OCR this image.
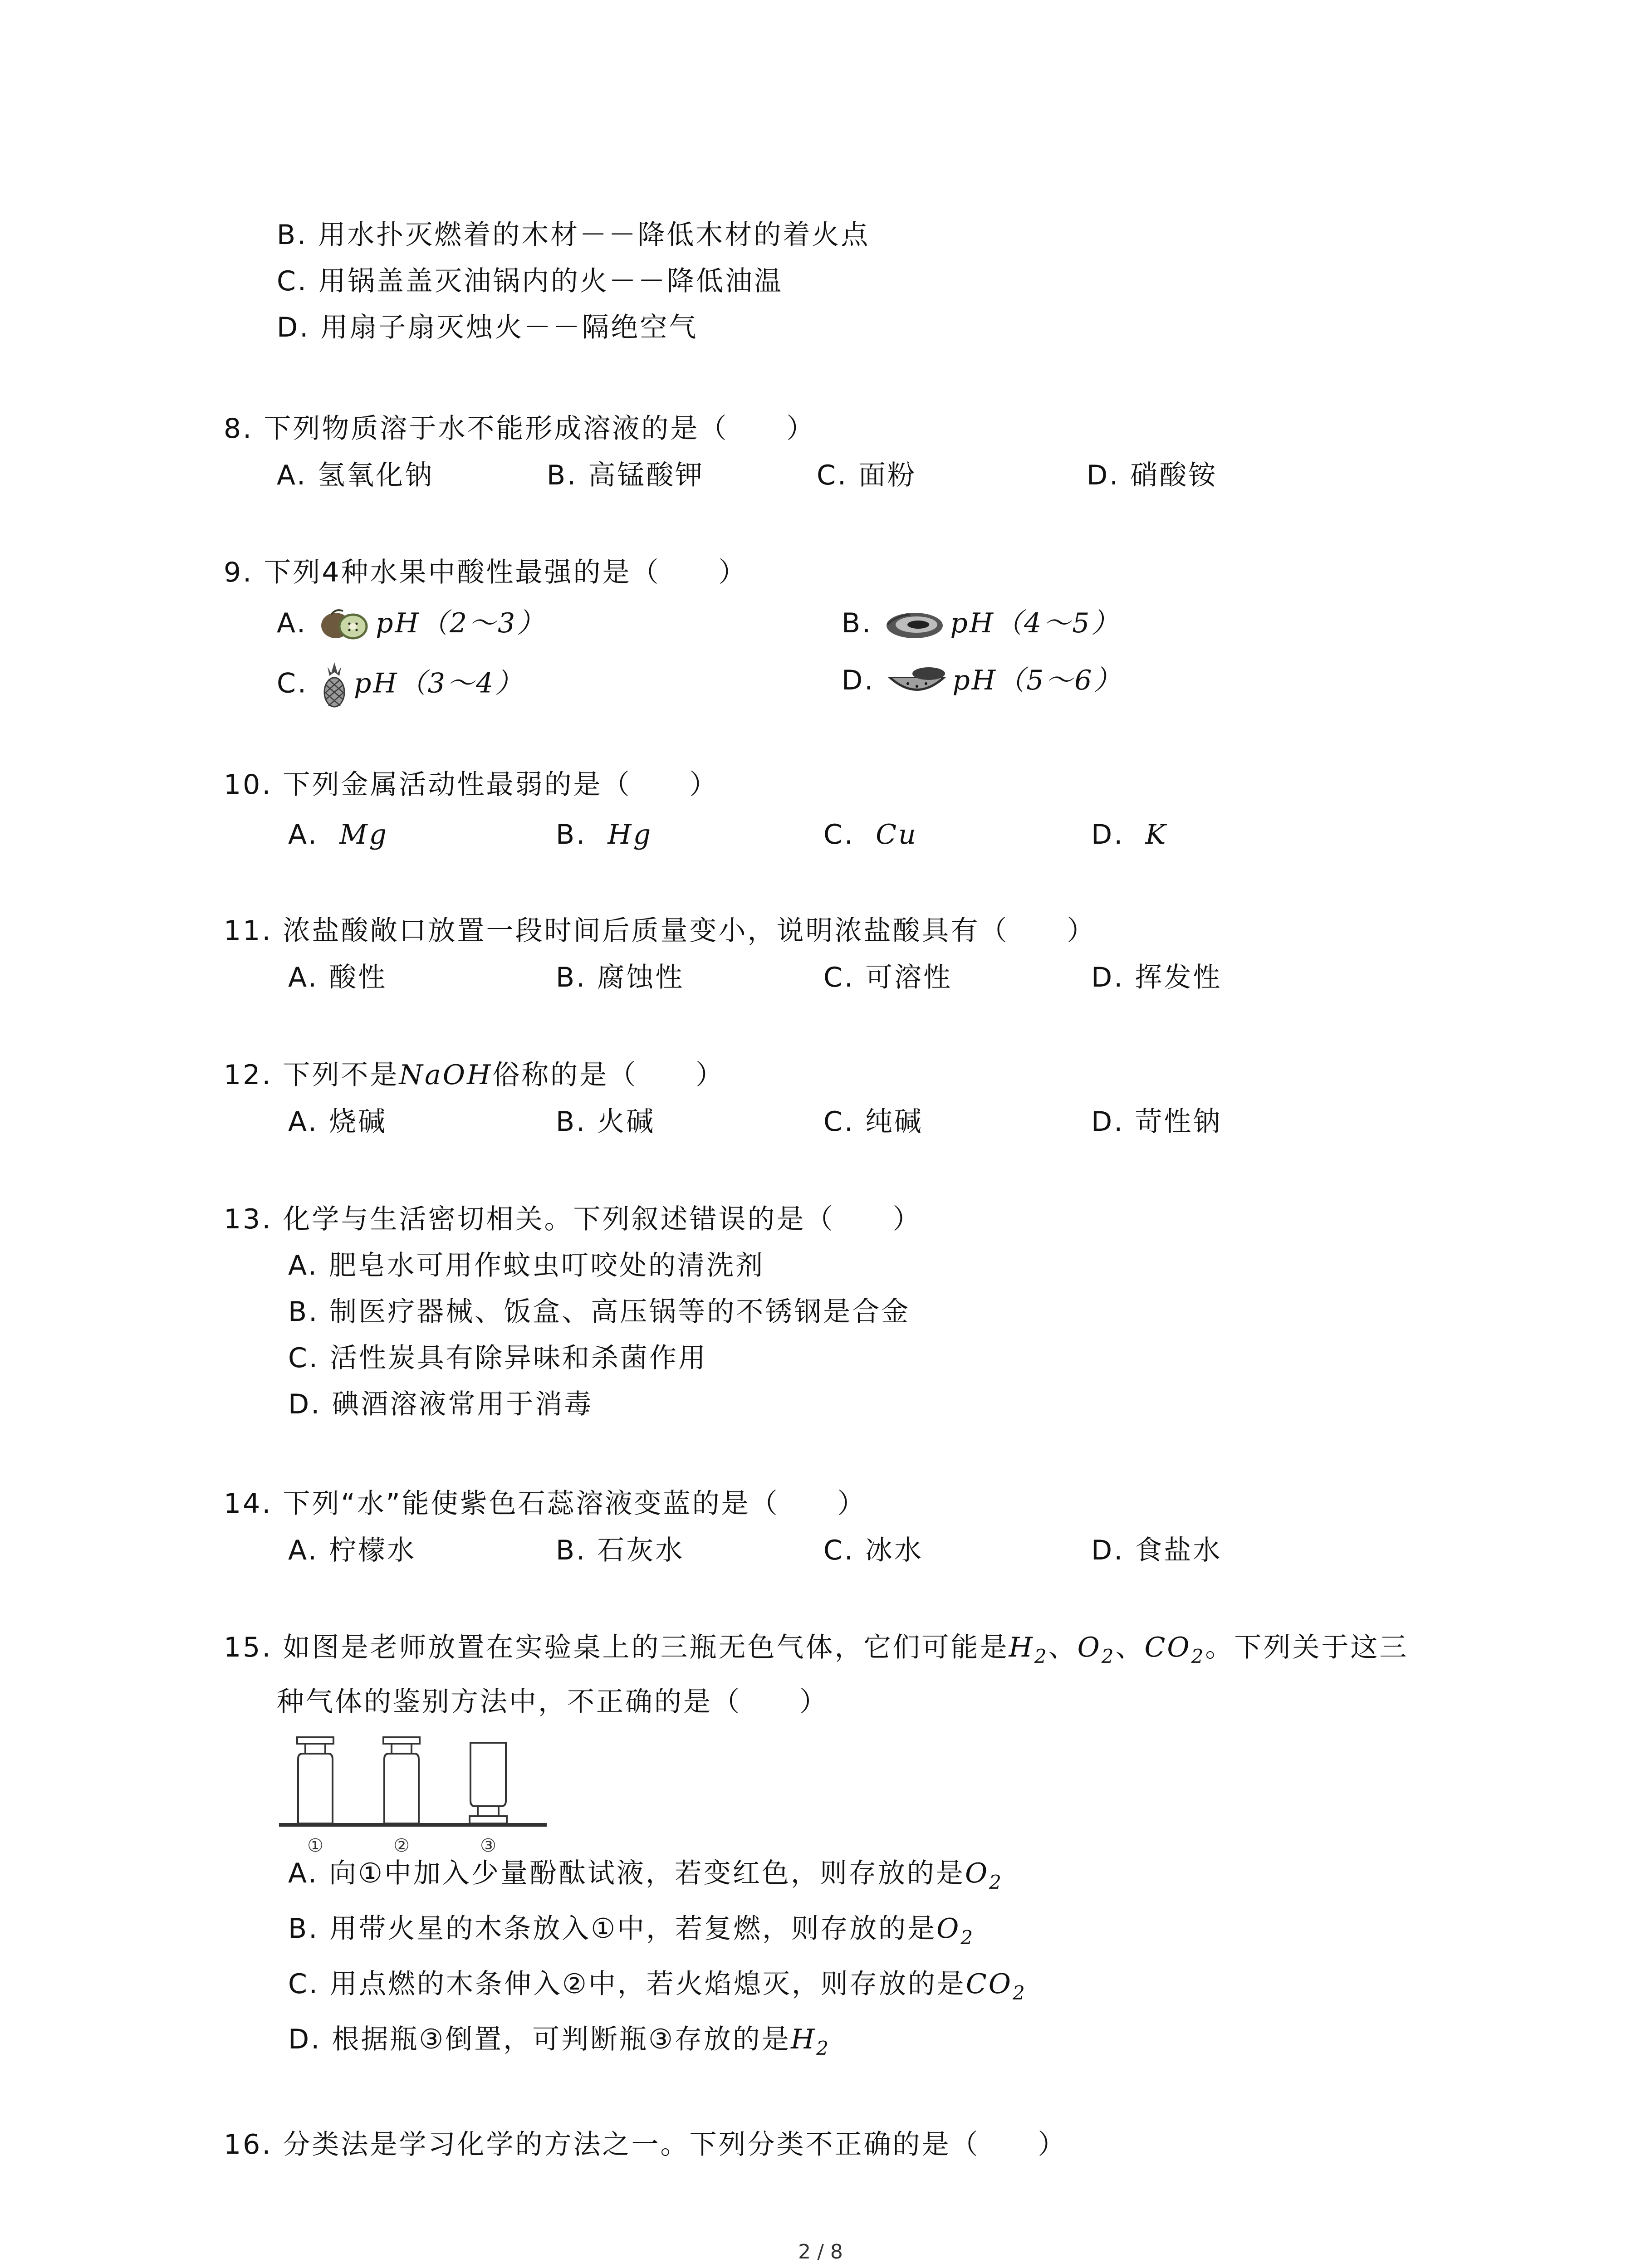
B. 用水扑灭燃着的木材－－降低木材的着火点
C. 用锅盖盖灭油锅内的火－－降低油温
D. 用扇子扇灭烛火－－隔绝空气
8. 下列物质溶于水不能形成溶液的是（　　）
A. 氢氧化钠	B. 高锰酸钾	C. 面粉	D. 硝酸铵
9. 下列4种水果中酸性最强的是（　　）
A.	pH（2～3）	B.	pH（4～5）
C. pH（3～4）	D.	pH（5～6）
10. 下列金属活动性最弱的是（　　）
A. Mg	B. Hg	C. Cu	D. K
11. 浓盐酸敞口放置一段时间后质量变小，说明浓盐酸具有（　　）
A. 酸性	B. 腐蚀性	C. 可溶性	D. 挥发性
12. 下列不是NaOH俗称的是（　　）
A. 烧碱	B. 火碱	C. 纯碱	D. 苛性钠
13. 化学与生活密切相关。下列叙述错误的是（　　）
A. 肥皂水可用作蚊虫叮咬处的清洗剂
B. 制医疗器械、饭盒、高压锅等的不锈钢是合金
C. 活性炭具有除异味和杀菌作用
D. 碘酒溶液常用于消毒
14. 下列“水”能使紫色石蕊溶液变蓝的是（　　）
A. 柠檬水	B. 石灰水	C. 冰水	D. 食盐水
15. 如图是老师放置在实验桌上的三瓶无色气体，它们可能是$H_2$、$O_2$、$CO_2$。下列关于这三
种气体的鉴别方法中，不正确的是（　　）
①	②	③
A. 向①中加入少量酚酞试液，若变红色，则存放的是$O_2$
B. 用带火星的木条放入①中，若复燃，则存放的是$O_2$
C. 用点燃的木条伸入②中，若火焰熄灭，则存放的是$CO_2$
D. 根据瓶③倒置，可判断瓶③存放的是$H_2$
16. 分类法是学习化学的方法之一。下列分类不正确的是（　　）
2 / 8
